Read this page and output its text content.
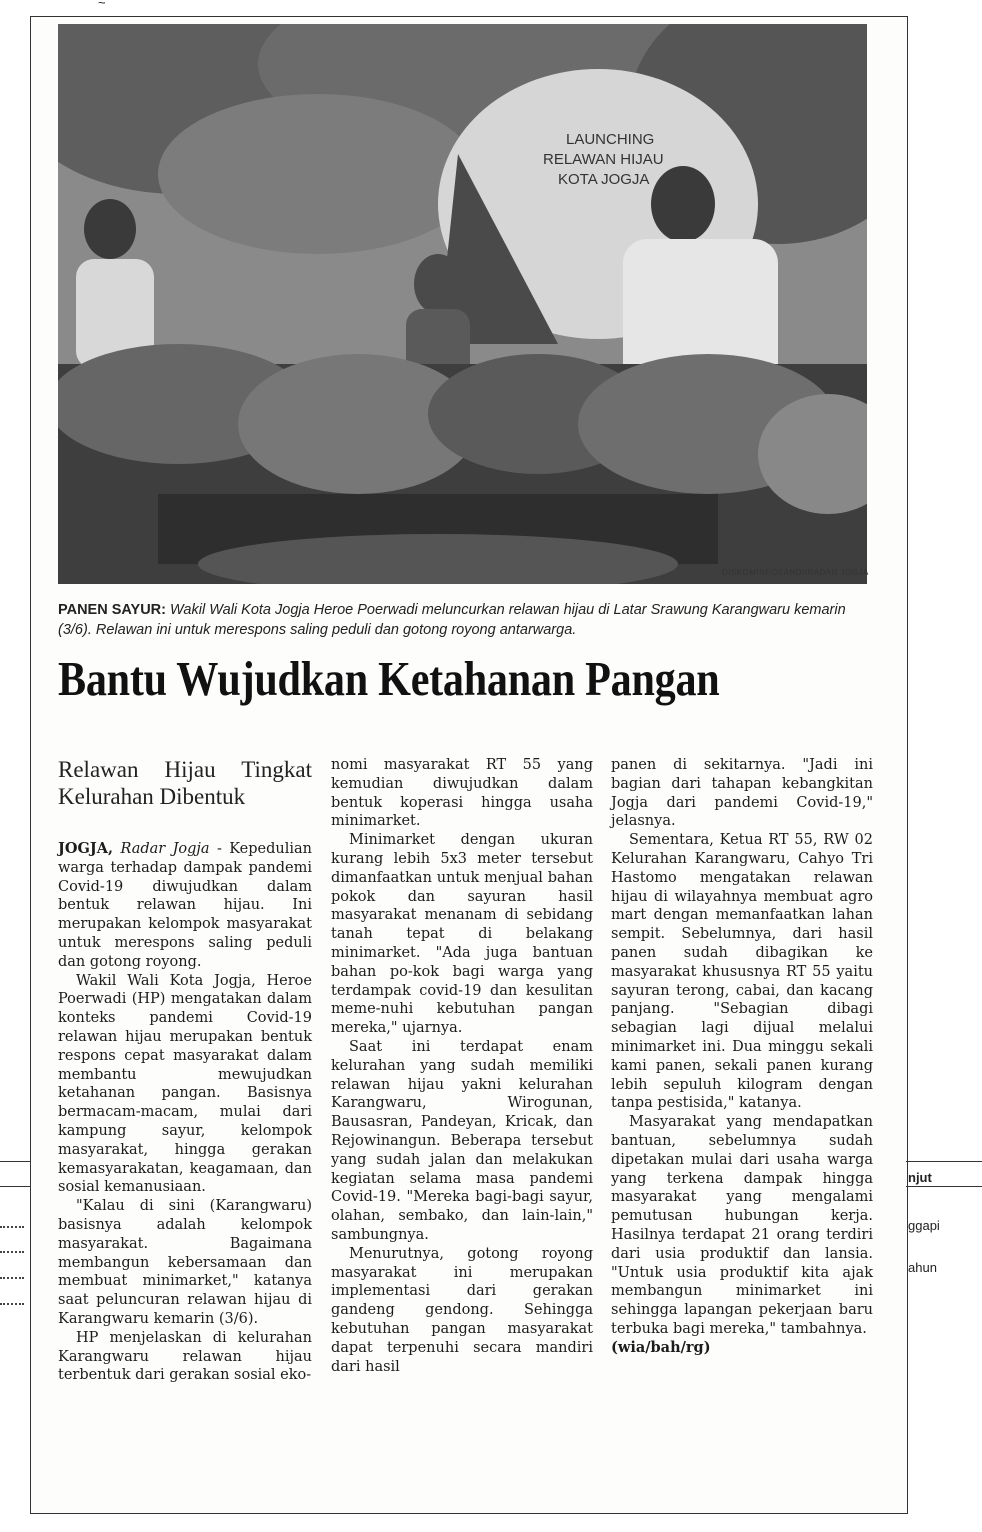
~
LAUNCHING
RELAWAN HIJAU
KOTA JOGJA
DISKOMINFOSANDI/RADAR JOGJA
PANEN SAYUR: Wakil Wali Kota Jogja Heroe Poerwadi meluncurkan relawan hijau di Latar Srawung Karangwaru kemarin (3/6). Relawan ini untuk merespons saling peduli dan gotong royong antarwarga.
Bantu Wujudkan Ketahanan Pangan
Relawan Hijau Tingkat Kelurahan Dibentuk

JOGJA, Radar Jogja - Kepedulian warga terhadap dampak pandemi Covid-19 diwujudkan dalam bentuk relawan hijau. Ini merupakan kelompok masyarakat untuk merespons saling peduli dan gotong royong.

Wakil Wali Kota Jogja, Heroe Poerwadi (HP) mengatakan dalam konteks pandemi Covid-19 relawan hijau merupakan bentuk respons cepat masyarakat dalam membantu mewujudkan ketahanan pangan. Basisnya bermacam-macam, mulai dari kampung sayur, kelompok masyarakat, hingga gerakan kemasyarakatan, keagamaan, dan sosial kemanusiaan.

"Kalau di sini (Karangwaru) basisnya adalah kelompok masyarakat. Bagaimana membangun kebersamaan dan membuat minimarket," katanya saat peluncuran relawan hijau di Karangwaru kemarin (3/6).

HP menjelaskan di kelurahan Karangwaru relawan hijau terbentuk dari gerakan sosial eko-

nomi masyarakat RT 55 yang kemudian diwujudkan dalam bentuk koperasi hingga usaha minimarket.

Minimarket dengan ukuran kurang lebih 5x3 meter tersebut dimanfaatkan untuk menjual bahan pokok dan sayuran hasil masyarakat menanam di sebidang tanah tepat di belakang minimarket. "Ada juga bantuan bahan po-kok bagi warga yang terdampak covid-19 dan kesulitan meme-nuhi kebutuhan pangan mereka," ujarnya.

Saat ini terdapat enam kelurahan yang sudah memiliki relawan hijau yakni kelurahan Karangwaru, Wirogunan, Bausasran, Pandeyan, Kricak, dan Rejowinangun. Beberapa tersebut yang sudah jalan dan melakukan kegiatan selama masa pandemi Covid-19. "Mereka bagi-bagi sayur, olahan, sembako, dan lain-lain," sambungnya.

Menurutnya, gotong royong masyarakat ini merupakan implementasi dari gerakan gandeng gendong. Sehingga kebutuhan pangan masyarakat dapat terpenuhi secara mandiri dari hasil

panen di sekitarnya. "Jadi ini bagian dari tahapan kebangkitan Jogja dari pandemi Covid-19," jelasnya.

Sementara, Ketua RT 55, RW 02 Kelurahan Karangwaru, Cahyo Tri Hastomo mengatakan relawan hijau di wilayahnya membuat agro mart dengan memanfaatkan lahan sempit. Sebelumnya, dari hasil panen sudah dibagikan ke masyarakat khususnya RT 55 yaitu sayuran terong, cabai, dan kacang panjang. "Sebagian dibagi sebagian lagi dijual melalui minimarket ini. Dua minggu sekali kami panen, sekali panen kurang lebih sepuluh kilogram dengan tanpa pestisida," katanya.

Masyarakat yang mendapatkan bantuan, sebelumnya sudah dipetakan mulai dari usaha warga yang terkena dampak hingga masyarakat yang mengalami pemutusan hubungan kerja. Hasilnya terdapat 21 orang terdiri dari usia produktif dan lansia. "Untuk usia produktif kita ajak membangun minimarket ini sehingga lapangan pekerjaan baru terbuka bagi mereka," tambahnya.

(wia/bah/rg)

njut
ggapi
ahun
